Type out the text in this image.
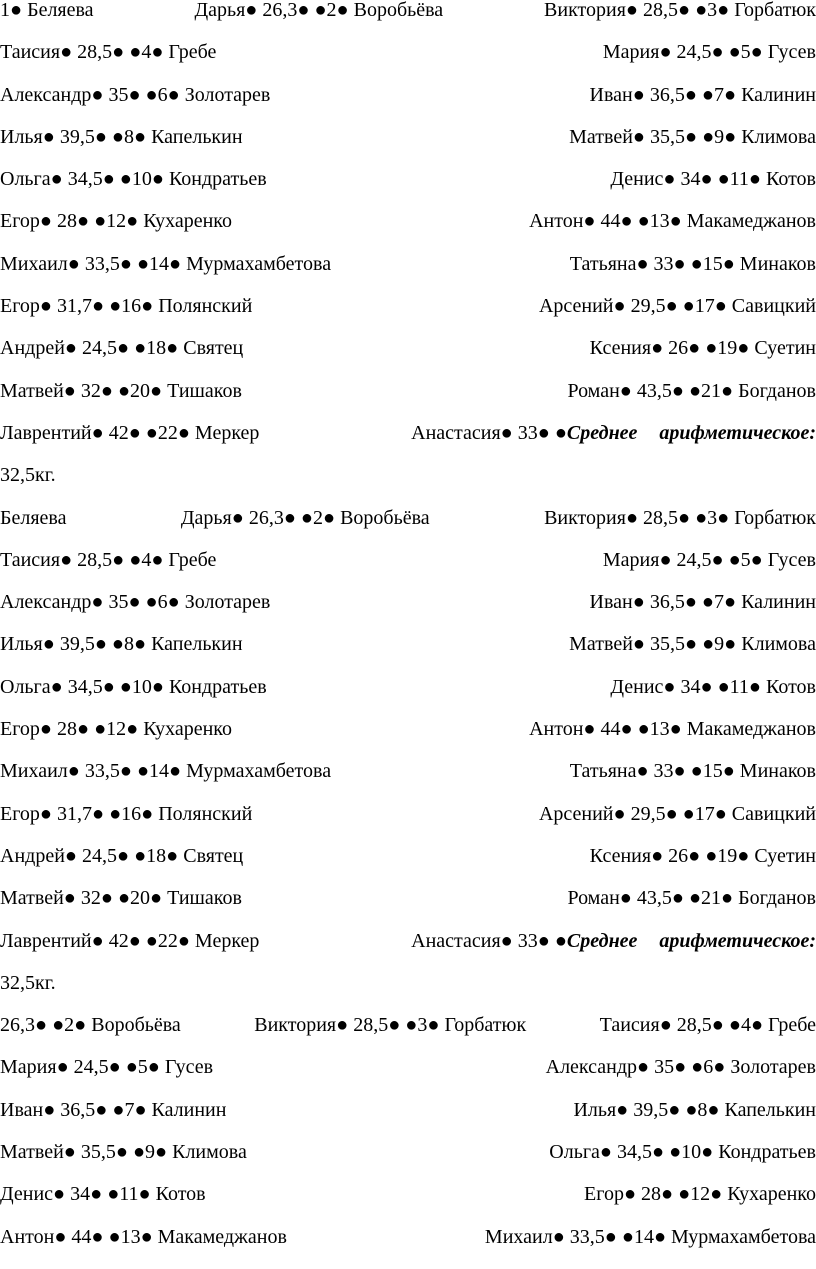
1● Беляева	Дарья● 26,3● ●2● Воробьёва	Виктория● 28,5● ●3● Горбатюк
Таисия● 28,5● ●4● Гребе	Мария● 24,5● ●5● Гусев
Александр● 35● ●6● Золотарев	Иван● 36,5● ●7● Калинин
Илья● 39,5● ●8● Капелькин	Матвей● 35,5● ●9● Климова
Ольга● 34,5● ●10● Кондратьев	Денис● 34● ●11● Котов
Егор● 28● ●12● Кухаренко	Антон● 44● ●13● Макамеджанов
Михаил● 33,5● ●14● Мурмахамбетова	Татьяна● 33● ●15● Минаков
Егор● 31,7● ●16● Полянский	Арсений● 29,5● ●17● Савицкий
Андрей● 24,5● ●18● Святец	Ксения● 26● ●19● Суетин
Матвей● 32● ●20● Тишаков	Роман● 43,5● ●21● Богданов
Лаврентий● 42● ●22● Меркер	Анастасия● 33● ●Среднее арифметическое:
32,5кг.
Беляева	Дарья● 26,3● ●2● Воробьёва	Виктория● 28,5● ●3● Горбатюк
Таисия● 28,5● ●4● Гребе	Мария● 24,5● ●5● Гусев
Александр● 35● ●6● Золотарев	Иван● 36,5● ●7● Калинин
Илья● 39,5● ●8● Капелькин	Матвей● 35,5● ●9● Климова
Ольга● 34,5● ●10● Кондратьев	Денис● 34● ●11● Котов
Егор● 28● ●12● Кухаренко	Антон● 44● ●13● Макамеджанов
Михаил● 33,5● ●14● Мурмахамбетова	Татьяна● 33● ●15● Минаков
Егор● 31,7● ●16● Полянский	Арсений● 29,5● ●17● Савицкий
Андрей● 24,5● ●18● Святец	Ксения● 26● ●19● Суетин
Матвей● 32● ●20● Тишаков	Роман● 43,5● ●21● Богданов
Лаврентий● 42● ●22● Меркер	Анастасия● 33● ●Среднее арифметическое:
32,5кг.
26,3● ●2● Воробьёва	Виктория● 28,5● ●3● Горбатюк	Таисия● 28,5● ●4● Гребе
Мария● 24,5● ●5● Гусев	Александр● 35● ●6● Золотарев
Иван● 36,5● ●7● Калинин	Илья● 39,5● ●8● Капелькин
Матвей● 35,5● ●9● Климова	Ольга● 34,5● ●10● Кондратьев
Денис● 34● ●11● Котов	Егор● 28● ●12● Кухаренко
Антон● 44● ●13● Макамеджанов	Михаил● 33,5● ●14● Мурмахамбетова
